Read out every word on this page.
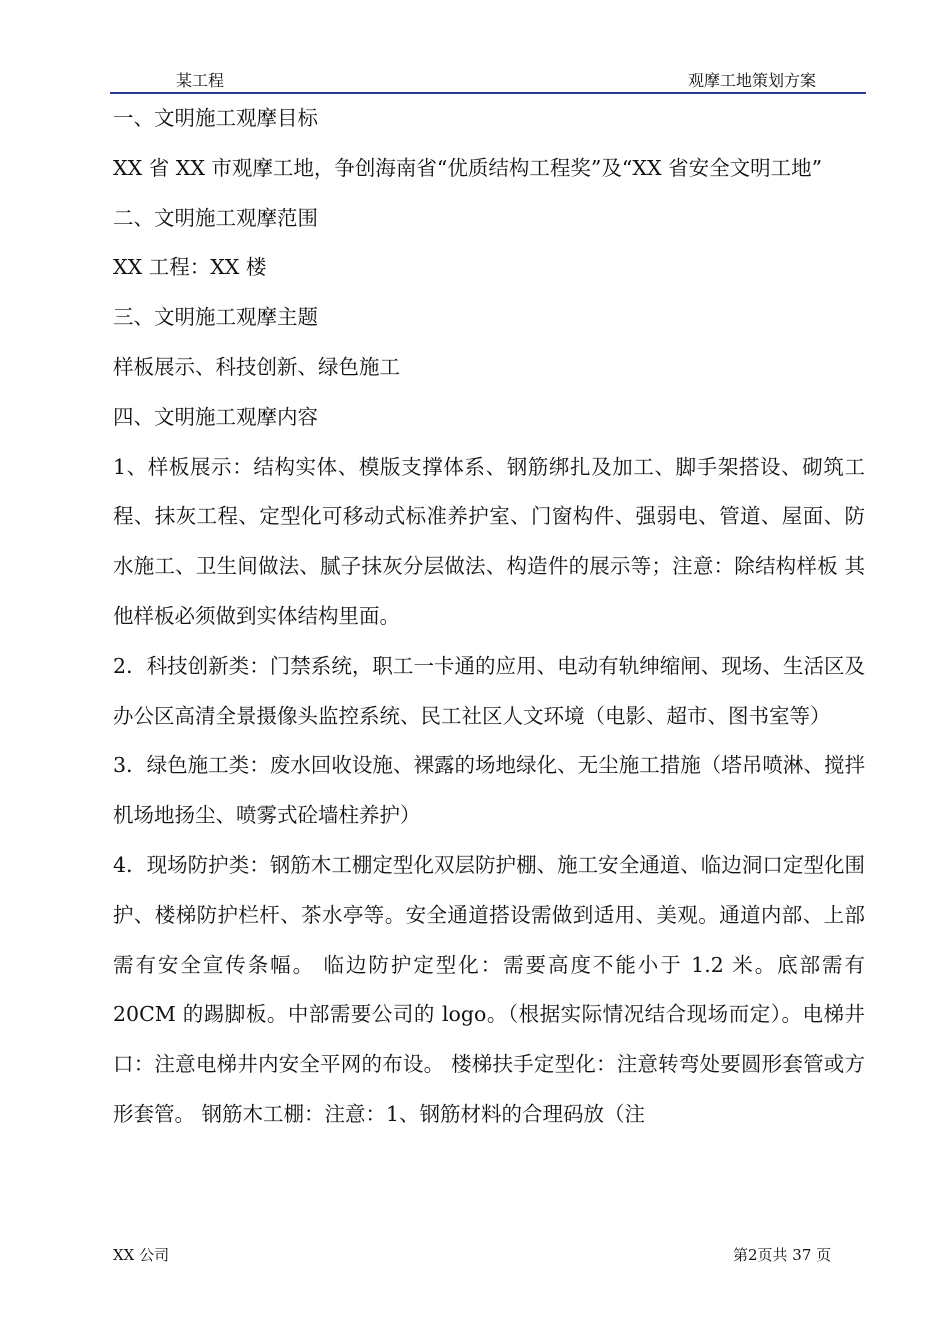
某工程	观摩工地策划方案

一、文明施工观摩目标

XX 省 XX 市观摩工地，争创海南省“优质结构工程奖”及“XX 省安全文明工地”

二、文明施工观摩范围

XX 工程：XX 楼

三、文明施工观摩主题

样板展示、科技创新、绿色施工

四、文明施工观摩内容

1、样板展示：结构实体、模版支撑体系、钢筋绑扎及加工、脚手架搭设、砌筑工程、抹灰工程、定型化可移动式标准养护室、门窗构件、强弱电、管道、屋面、防水施工、卫生间做法、腻子抹灰分层做法、构造件的展示等；注意：除结构样板 其他样板必须做到实体结构里面。

2．科技创新类：门禁系统，职工一卡通的应用、电动有轨绅缩闸、现场、生活区及办公区高清全景摄像头监控系统、民工社区人文环境（电影、超市、图书室等）

3．绿色施工类：废水回收设施、裸露的场地绿化、无尘施工措施（塔吊喷淋、搅拌机场地扬尘、喷雾式砼墙柱养护）

4．现场防护类：钢筋木工棚定型化双层防护棚、施工安全通道、临边洞口定型化围护、楼梯防护栏杆、茶水亭等。安全通道搭设需做到适用、美观。通道内部、上部需有安全宣传条幅。 临边防护定型化：需要高度不能小于 1.2 米。底部需有 20CM 的踢脚板。中部需要公司的 logo。（根据实际情况结合现场而定）。电梯井口：注意电梯井内安全平网的布设。 楼梯扶手定型化：注意转弯处要圆形套管或方形套管。 钢筋木工棚：注意：1、钢筋材料的合理码放（注

XX 公司	第2页共 37 页
